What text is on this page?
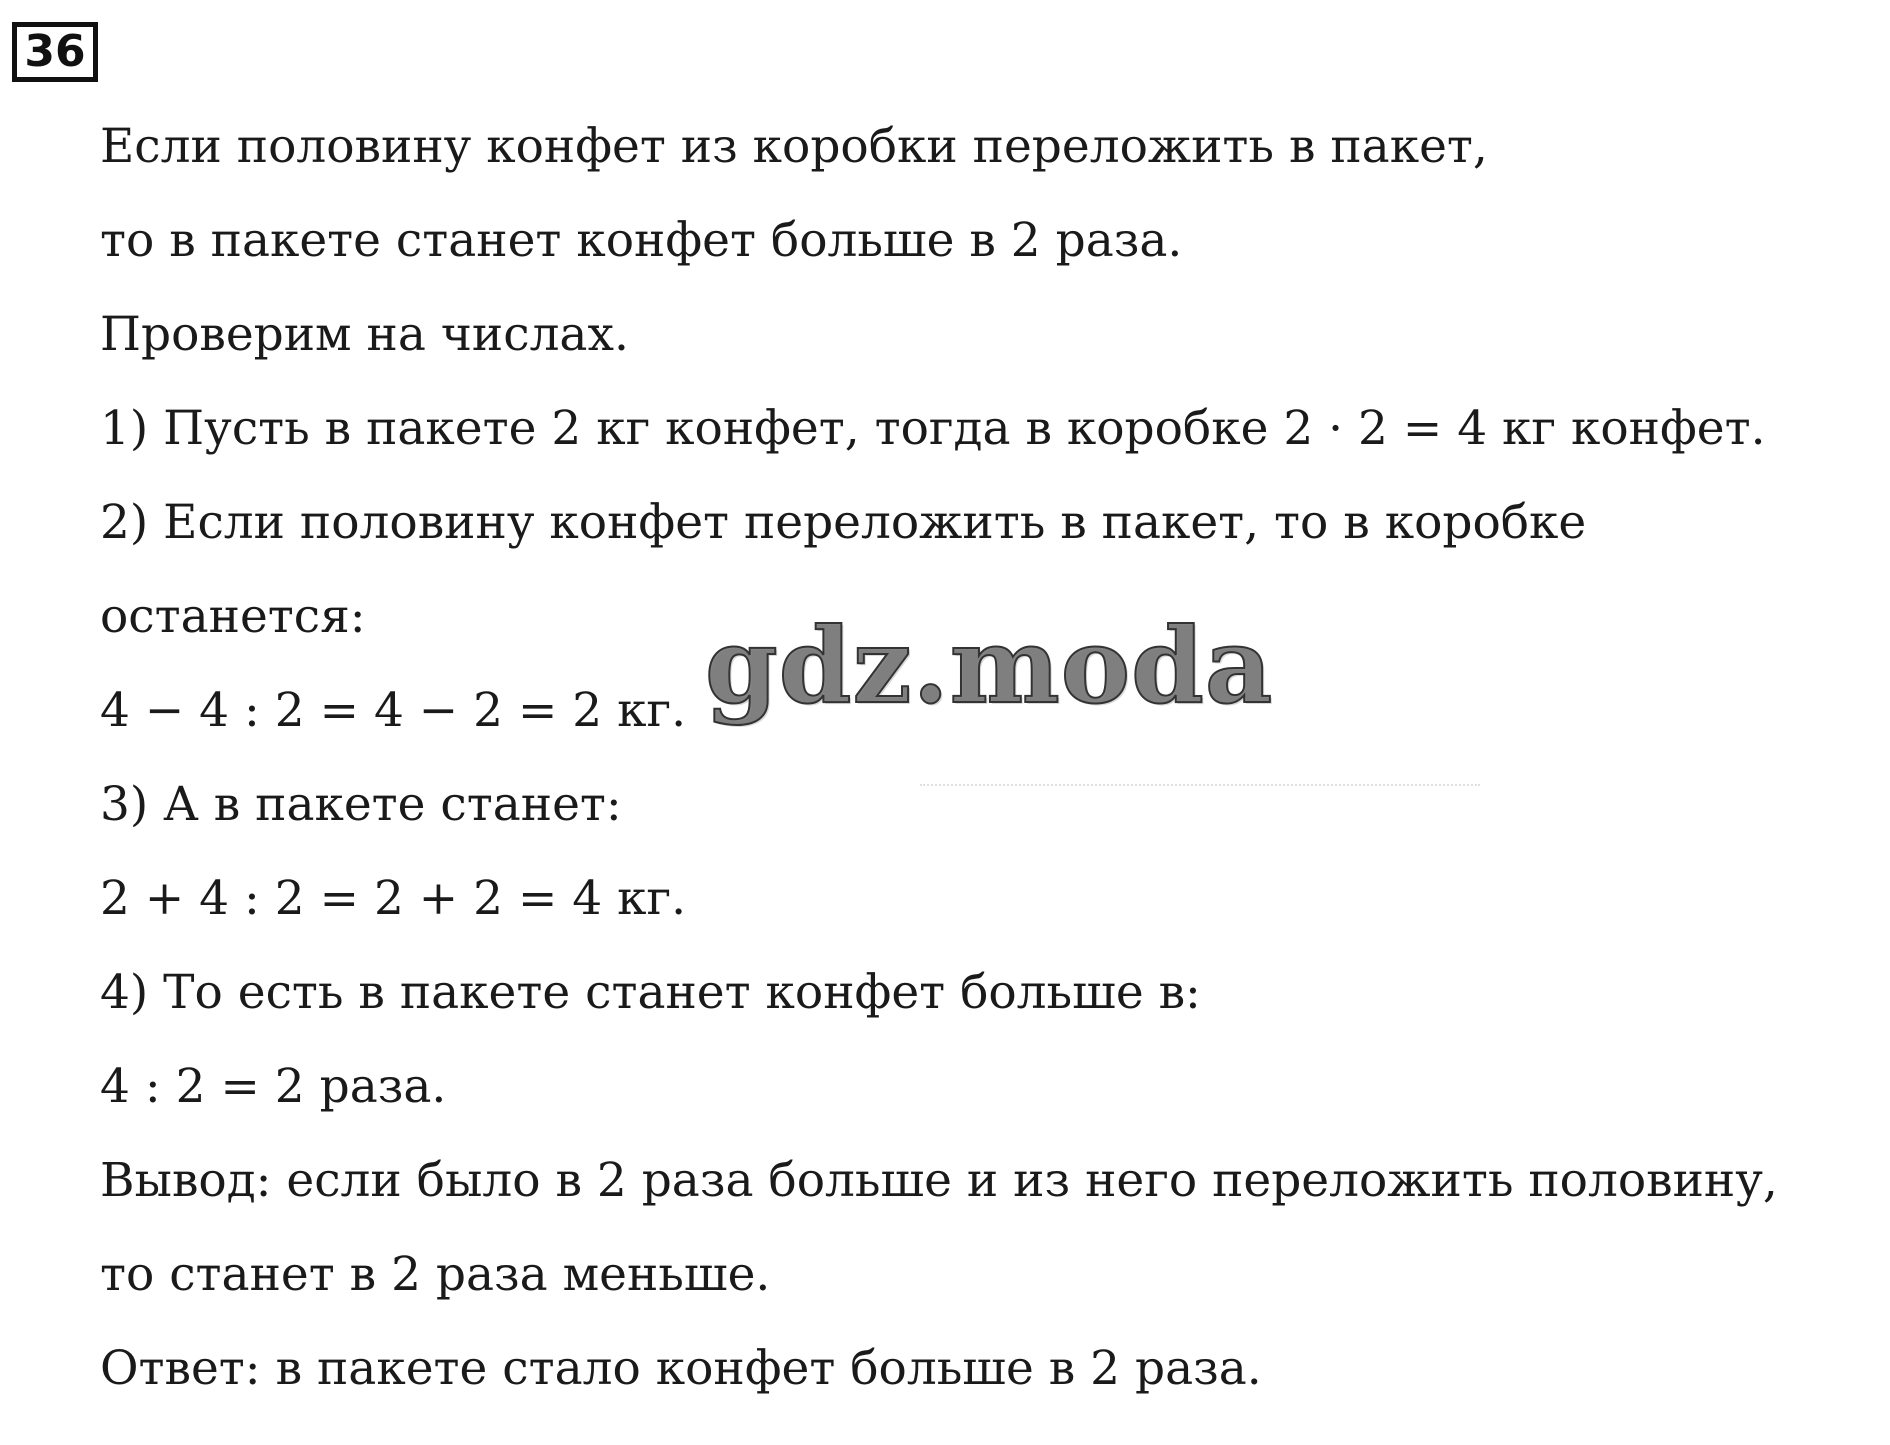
36
Если половину конфет из коробки переложить в пакет,
то в пакете станет конфет больше в 2 раза.
Проверим на числах.
1) Пусть в пакете 2 кг конфет, тогда в коробке 2 · 2 = 4 кг конфет.
2) Если половину конфет переложить в пакет, то в коробке
останется:
4 − 4 : 2 = 4 − 2 = 2 кг.
3) А в пакете станет:
2 + 4 : 2 = 2 + 2 = 4 кг.
4) То есть в пакете станет конфет больше в:
4 : 2 = 2 раза.
Вывод: если было в 2 раза больше и из него переложить половину,
то станет в 2 раза меньше.
Ответ: в пакете стало конфет больше в 2 раза.
gdz.moda
